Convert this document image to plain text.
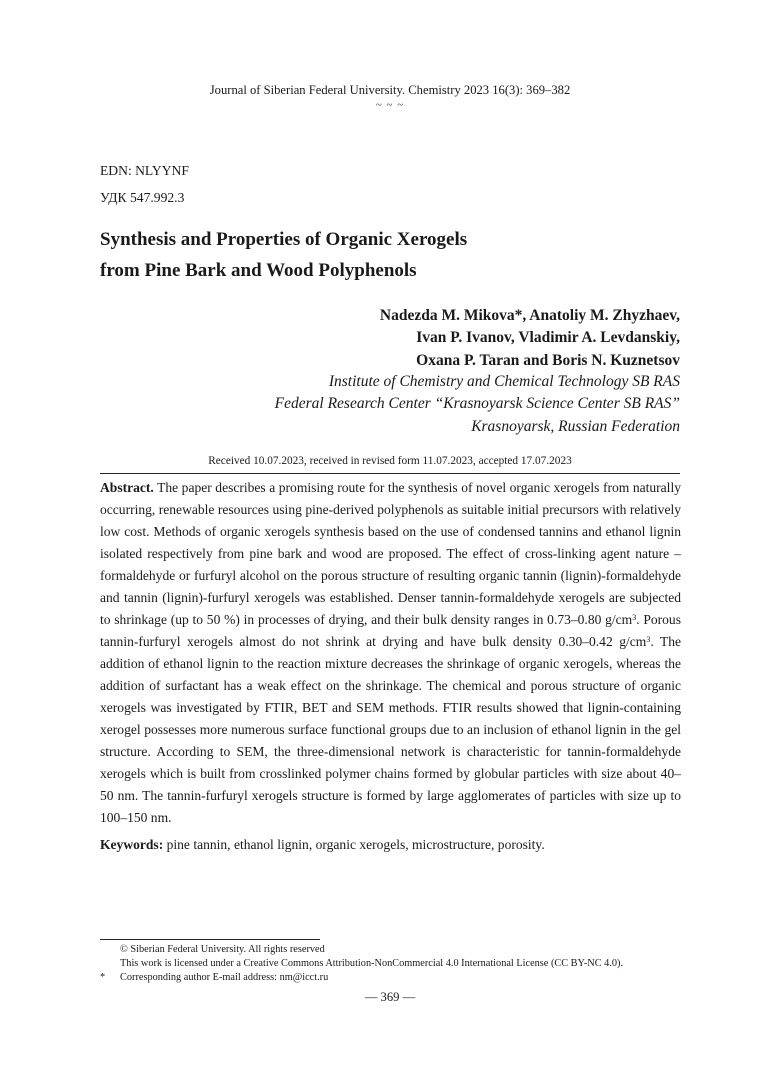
Journal of Siberian Federal University. Chemistry 2023 16(3): 369–382
~ ~ ~
EDN: NLYYNF
УДК 547.992.3
Synthesis and Properties of Organic Xerogels
from Pine Bark and Wood Polyphenols
Nadezda M. Mikova*, Anatoliy M. Zhyzhaev,
Ivan P. Ivanov, Vladimir A. Levdanskiy,
Oxana P. Taran and Boris N. Kuznetsov
Institute of Chemistry and Chemical Technology SB RAS
Federal Research Center “Krasnoyarsk Science Center SB RAS”
Krasnoyarsk, Russian Federation
Received 10.07.2023, received in revised form 11.07.2023, accepted 17.07.2023
Abstract. The paper describes a promising route for the synthesis of novel organic xerogels from naturally occurring, renewable resources using pine-derived polyphenols as suitable initial precursors with relatively low cost. Methods of organic xerogels synthesis based on the use of condensed tannins and ethanol lignin isolated respectively from pine bark and wood are proposed. The effect of cross-linking agent nature – formaldehyde or furfuryl alcohol on the porous structure of resulting organic tannin (lignin)-formaldehyde and tannin (lignin)-furfuryl xerogels was established. Denser tannin-formaldehyde xerogels are subjected to shrinkage (up to 50 %) in processes of drying, and their bulk density ranges in 0.73–0.80 $g/cm^3$. Porous tannin-furfuryl xerogels almost do not shrink at drying and have bulk density 0.30–0.42 $g/cm^3$. The addition of ethanol lignin to the reaction mixture decreases the shrinkage of organic xerogels, whereas the addition of surfactant has a weak effect on the shrinkage. The chemical and porous structure of organic xerogels was investigated by FTIR, BET and SEM methods. FTIR results showed that lignin-containing xerogel possesses more numerous surface functional groups due to an inclusion of ethanol lignin in the gel structure. According to SEM, the three-dimensional network is characteristic for tannin-formaldehyde xerogels which is built from crosslinked polymer chains formed by globular particles with size about 40–50 nm. The tannin-furfuryl xerogels structure is formed by large agglomerates of particles with size up to 100–150 nm.
Keywords: pine tannin, ethanol lignin, organic xerogels, microstructure, porosity.
© Siberian Federal University. All rights reserved
This work is licensed under a Creative Commons Attribution-NonCommercial 4.0 International License (CC BY-NC 4.0).
* Corresponding author E-mail address: nm@icct.ru
— 369 —
